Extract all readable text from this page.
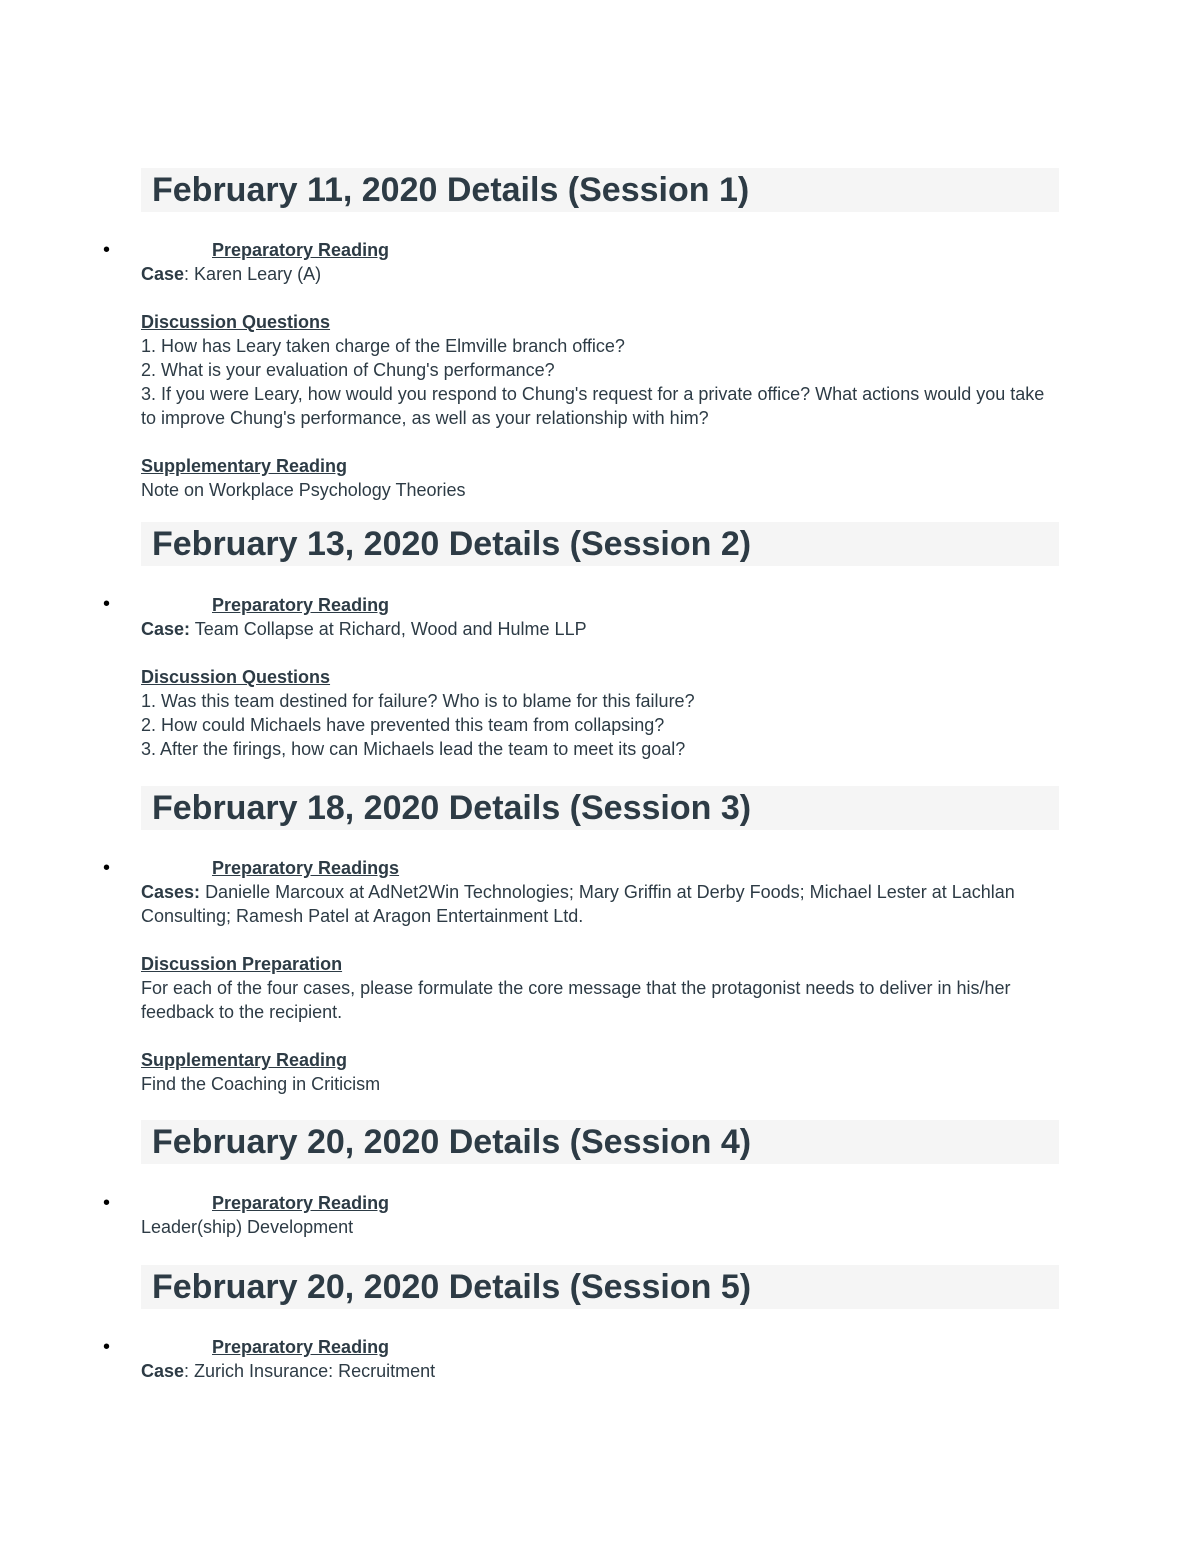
February 11, 2020 Details (Session 1)
•	Preparatory Reading

Case: Karen Leary (A)

Discussion Questions

1. How has Leary taken charge of the Elmville branch office?

2. What is your evaluation of Chung's performance?

3. If you were Leary, how would you respond to Chung's request for a private office? What actions would you take to improve Chung's performance, as well as your relationship with him?

Supplementary Reading

Note on Workplace Psychology Theories

February 13, 2020 Details (Session 2)
•	Preparatory Reading

Case: Team Collapse at Richard, Wood and Hulme LLP

Discussion Questions

1. Was this team destined for failure? Who is to blame for this failure?

2. How could Michaels have prevented this team from collapsing?

3. After the firings, how can Michaels lead the team to meet its goal?

February 18, 2020 Details (Session 3)
•	Preparatory Readings

Cases: Danielle Marcoux at AdNet2Win Technologies; Mary Griffin at Derby Foods; Michael Lester at Lachlan Consulting; Ramesh Patel at Aragon Entertainment Ltd.

Discussion Preparation

For each of the four cases, please formulate the core message that the protagonist needs to deliver in his/her feedback to the recipient.

Supplementary Reading

Find the Coaching in Criticism

February 20, 2020 Details (Session 4)
•	Preparatory Reading

Leader(ship) Development

February 20, 2020 Details (Session 5)
•	Preparatory Reading

Case: Zurich Insurance: Recruitment
